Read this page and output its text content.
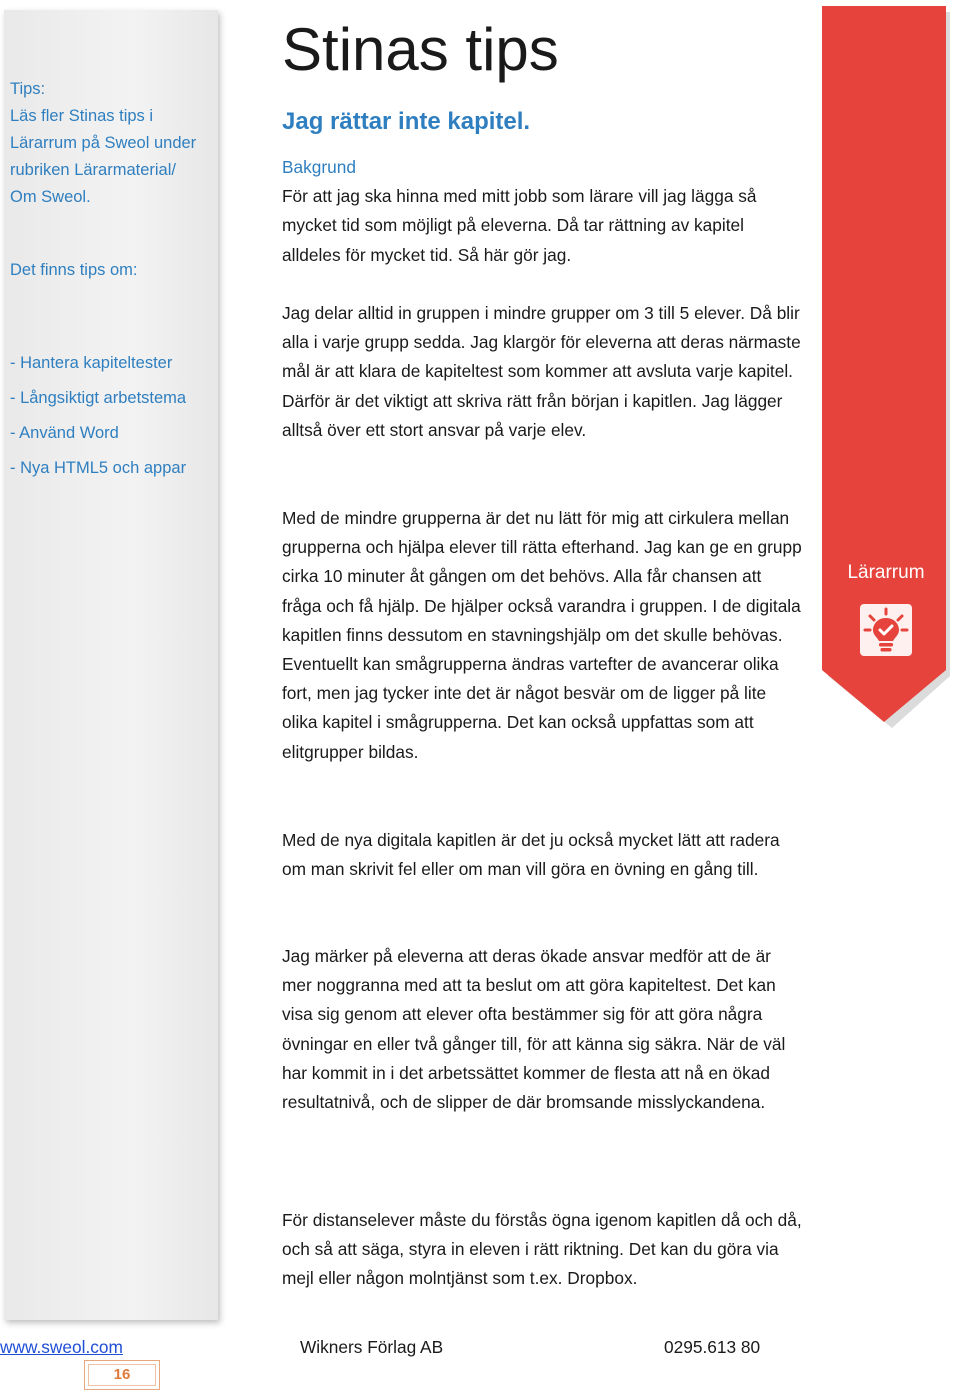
Tips:

Läs fler Stinas tips i

Lärarrum på Sweol under

rubriken Lärarmaterial/

Om Sweol.

Det finns tips om:

- Hantera kapiteltester

- Långsiktigt arbetstema

- Använd Word

- Nya HTML5 och appar

Stinas tips
Jag rättar inte kapitel.

Bakgrund
För att jag ska hinna med mitt jobb som lärare vill jag lägga så mycket tid som möjligt på eleverna. Då tar rättning av kapitel alldeles för mycket tid. Så här gör jag.

Jag delar alltid in gruppen i mindre grupper om 3 till 5 elever. Då blir alla i varje grupp sedda. Jag klargör för eleverna att deras närmaste mål är att klara de kapiteltest som kommer att avsluta varje kapitel. Därför är det viktigt att skriva rätt från början i kapitlen. Jag lägger alltså över ett stort ansvar på varje elev.

Med de mindre grupperna är det nu lätt för mig att cirkulera mellan grupperna och hjälpa elever till rätta efterhand. Jag kan ge en grupp cirka 10 minuter åt gången om det behövs. Alla får chansen att fråga och få hjälp. De hjälper också varandra i gruppen. I de digitala kapitlen finns dessutom en stavningshjälp om det skulle behövas. Eventuellt kan smågrupperna ändras vartefter de avancerar olika fort, men jag tycker inte det är något besvär om de ligger på lite olika kapitel i smågrupperna. Det kan också uppfattas som att elitgrupper bildas.

Med de nya digitala kapitlen är det ju också mycket lätt att radera om man skrivit fel eller om man vill göra en övning en gång till.

Jag märker på eleverna att deras ökade ansvar medför att de är mer noggranna med att ta beslut om att göra kapiteltest. Det kan visa sig genom att elever ofta bestämmer sig för att göra några övningar en eller två gånger till, för att känna sig säkra. När de väl har kommit in i det arbetssättet kommer de flesta att nå en ökad resultatnivå, och de slipper de där bromsande misslyckandena.

För distanselever måste du förstås ögna igenom kapitlen då och då, och så att säga, styra in eleven i rätt riktning. Det kan du göra via mejl eller någon molntjänst som t.ex. Dropbox.

Lärarrum
Wikners Förlag AB
www.sweol.com	0295.613 80
16
